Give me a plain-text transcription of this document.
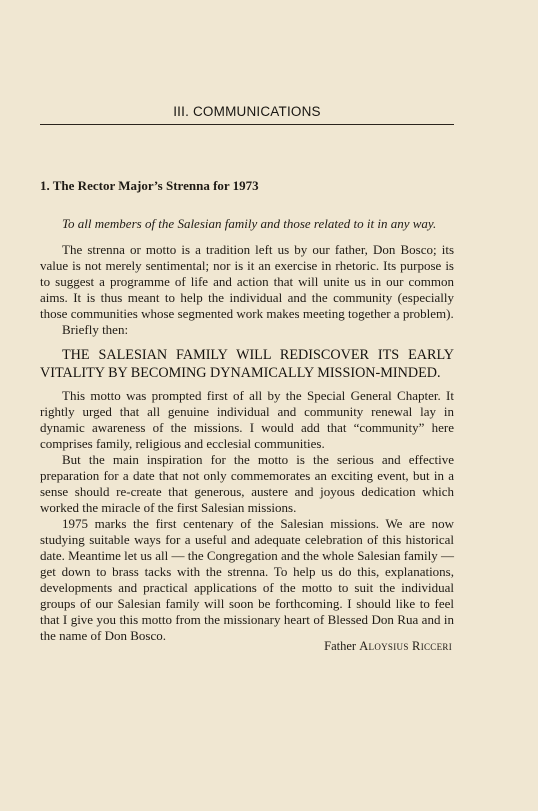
III. COMMUNICATIONS
1. The Rector Major’s Strenna for 1973

To all members of the Salesian family and those related to it in any way.

The strenna or motto is a tradition left us by our father, Don Bosco; its value is not merely sentimental; nor is it an exercise in rhetoric. Its purpose is to suggest a programme of life and action that will unite us in our common aims. It is thus meant to help the individual and the community (especially those communities whose segmented work makes meeting together a problem).

Briefly then:

THE SALESIAN FAMILY WILL REDISCOVER ITS EARLY VITALITY BY BECOMING DYNAMICALLY MISSION-MINDED.

This motto was prompted first of all by the Special General Chapter. It rightly urged that all genuine individual and community renewal lay in dynamic awareness of the missions. I would add that “community” here comprises family, religious and ecclesial communities.

But the main inspiration for the motto is the serious and effective preparation for a date that not only commemorates an exciting event, but in a sense should re-create that generous, austere and joyous dedication which worked the miracle of the first Salesian missions.

1975 marks the first centenary of the Salesian missions. We are now studying suitable ways for a useful and adequate celebration of this historical date. Meantime let us all — the Congregation and the whole Salesian family — get down to brass tacks with the strenna. To help us do this, explanations, developments and practical applications of the motto to suit the individual groups of our Salesian family will soon be forthcoming. I should like to feel that I give you this motto from the missionary heart of Blessed Don Rua and in the name of Don Bosco.

Father Aloysius Ricceri
